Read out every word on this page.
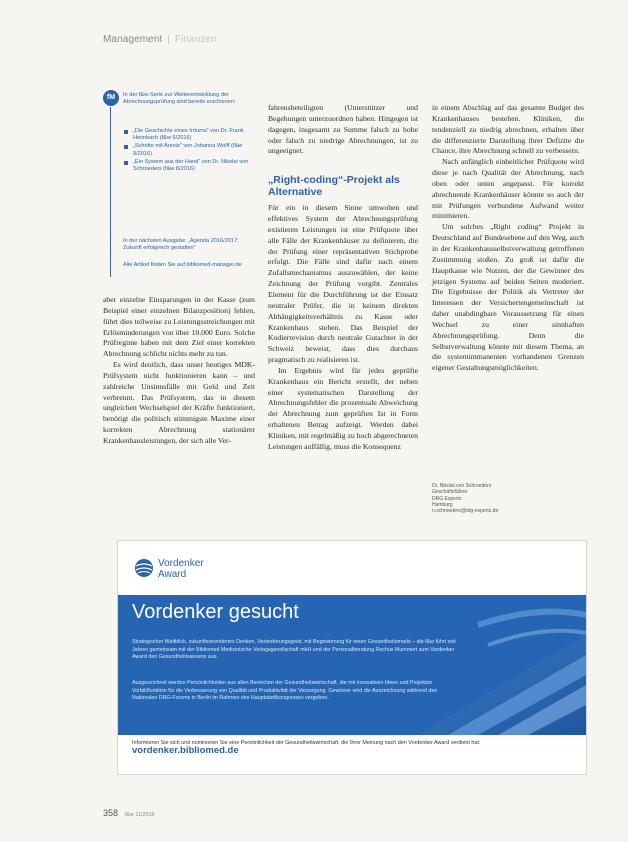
Management | Finanzen
fM	In der f&w-Serie zur Weiterentwicklung der Abrechnungsprüfung sind bereits erschienen:
„Die Geschichte eines Irrtums“ von Dr. Frank Heimbach (f&w 6/2016)
„Schritte mit Anreiz“ von Johanna Wolff (f&w 9/2016)
„Ein System aus der Hand“ von Dr. Nikolai von Schroeders (f&w 8/2016)
In der nächsten Ausgabe: „Agenda 2016/2017: Zukunft erfolgreich gestalten“
Alle Artikel finden Sie auf bibliomed-manager.de

aber einzelne Einsparungen in der Kasse (zum Beispiel einer einzelnen Bilanzposition) fehlen, führt dies teilweise zu Leistungsstreichungen mit Erlösminderungen von über 10.000 Euro. Solche Prüfregime haben mit dem Ziel einer korrekten Abrechnung schlicht nichts mehr zu tun.

Es wird deutlich, dass unser heutiges MDK-Prüfsystem nicht funktionieren kann – und zahlreiche Unsinnsfälle mit Geld und Zeit verbrennt. Das Prüfsystem, das in diesem ungleichen Wechselspiel der Kräfte funktioniert, benötigt die politisch stimmigste Maxime einer korrekten Abrechnung stationärer Krankenhausleistungen, der sich alle Ver-

fahrensbeteiligten (Unterstützer und Begehungen unterzuordnen haben. Hingegen ist dagegen, insgesamt zu Summe falsch zu hohe oder falsch zu niedrige Abrechnungen, ist zu ungeeignet.

„Right-coding“-Projekt als Alternative

Für ein in diesem Sinne umwoben und effektives System der Abrechnungsprüfung existieren Leistungen ist eine Prüfquote über alle Fälle der Krankenhäuser zu definieren, die der Prüfung einer repräsentativen Stichprobe erfolgt. Die Fälle sind dafür nach einem Zufallsmechanismus auszuwählen, der keine Zeichnung der Prüfung vorgibt. Zentrales Element für die Durchführung ist der Einsatz neutraler Prüfer, die in keinem direkten Abhängigkeitsverhältnis zu Kasse oder Krankenhaus stehen. Das Beispiel der Kodierrevision durch neutrale Gutachter in der Schweiz beweist, dass dies durchaus pragmatisch zu realisieren ist.

Im Ergebnis wird für jedes geprüfte Krankenhaus ein Bericht erstellt, der neben einer systematischen Darstellung der Abrechnungsfehler die prozentuale Abweichung der Abrechnung zum geprüften Ist in Form erhaltenen Betrag aufzeigt. Werden dabei Kliniken, mit regelmäßig zu hoch abgerechneten Leistungen auffällig, muss die Konsequenz

in einem Abschlag auf das gesamte Budget des Krankenhauses bestehen. Kliniken, die tendenziell zu niedrig abrechnen, erhalten über die differenzierte Darstellung ihrer Defizite die Chance, ihre Abrechnung schnell zu verbessern.

Nach anfänglich einheitlicher Prüfquote wird diese je nach Qualität der Abrechnung, nach oben oder unten angepasst. Für korrekt abrechnende Krankenhäuser könnte so auch der mit Prüfungen verbundene Aufwand weiter minimieren.

Um solches „Right coding“ Projekt in Deutschland auf Bundesebene auf den Weg, auch in der Krankenhausselbstverwaltung getroffenen Zustimmung stoßen. Zu groß ist dafür die Hauptkasse wie Nutzen, der die Gewinner des jetzigen Systems auf beiden Seiten moderiert. Die Ergebnisse der Politik als Vertreter der Interessen der Versichertengemeinschaft ist daher unabdingbare Voraussetzung für einen Wechsel zu einer sinnhaften Abrechnungsprüfung. Denn die Selbstverwaltung könnte mit diesem Thema, an die systemimmanenten vorhandenen Grenzen eigener Gestaltungsmöglichkeiten.

Dr. Nikolai von Schroeders
Geschäftsführer
DRG Experts
Hamburg
n.schroeders@drg-experts.de
Vordenker
Award
Vordenker gesucht
Strategischer Weitblick, zukunftsorientiertes Denken, Veränderungsgeist, mit Begeisterung für einen Gesundheitsmarkt – die f&w führt seit Jahren gemeinsam mit der Bibliomed Medizinische Verlagsgesellschaft mbH und der Personalberatung Rochus Mummert zum Vordenker Award den Gesundheitswesens aus.
Ausgezeichnet werden Persönlichkeiten aus allen Bereichen der Gesundheitswirtschaft, die mit innovativen Ideen und Projekten Vorbildfunktion für die Verbesserung von Qualität und Produktivität der Versorgung. Gewinner wird die Auszeichnung während des Nationalen DRG-Forums in Berlin im Rahmen des Hauptstadtkongresses vergeben.
Informieren Sie sich und nominieren Sie eine Persönlichkeit der Gesundheitswirtschaft, die Ihrer Meinung nach den Vordenker Award verdient hat: vordenker.bibliomed.de
358 f&w 11|2016
